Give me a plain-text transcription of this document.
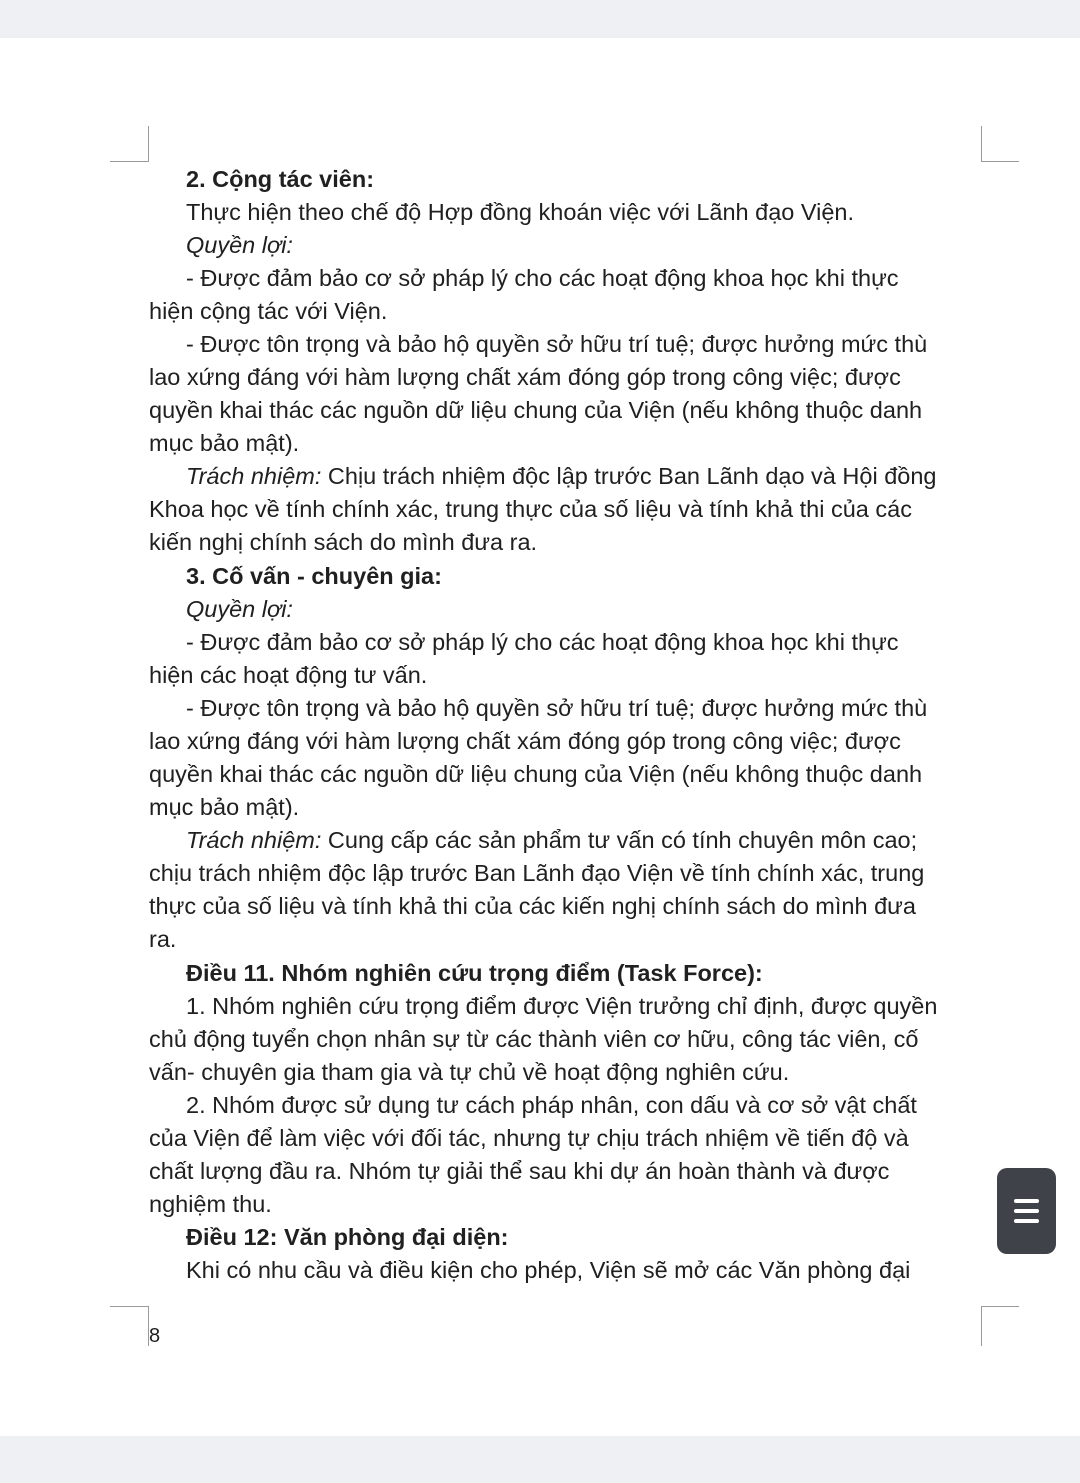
2. Cộng tác viên:
Thực hiện theo chế độ Hợp đồng khoán việc với Lãnh đạo Viện.
Quyền lợi:
- Được đảm bảo cơ sở pháp lý cho các hoạt động khoa học khi thực
hiện cộng tác với Viện.
- Được tôn trọng và bảo hộ quyền sở hữu trí tuệ; được hưởng mức thù
lao xứng đáng với hàm lượng chất xám đóng góp trong công việc; được
quyền khai thác các nguồn dữ liệu chung của Viện (nếu không thuộc danh
mục bảo mật).
Trách nhiệm: Chịu trách nhiệm độc lập trước Ban Lãnh dạo và Hội đồng
Khoa học về tính chính xác, trung thực của số liệu và tính khả thi của các
kiến nghị chính sách do mình đưa ra.
3. Cố vấn - chuyên gia:
Quyền lợi:
- Được đảm bảo cơ sở pháp lý cho các hoạt động khoa học khi thực
hiện các hoạt động tư vấn.
- Được tôn trọng và bảo hộ quyền sở hữu trí tuệ; được hưởng mức thù
lao xứng đáng với hàm lượng chất xám đóng góp trong công việc; được
quyền khai thác các nguồn dữ liệu chung của Viện (nếu không thuộc danh
mục bảo mật).
Trách nhiệm: Cung cấp các sản phẩm tư vấn có tính chuyên môn cao;
chịu trách nhiệm độc lập trước Ban Lãnh đạo Viện về tính chính xác, trung
thực của số liệu và tính khả thi của các kiến nghị chính sách do mình đưa
ra.
Điều 11. Nhóm nghiên cứu trọng điểm (Task Force):
1. Nhóm nghiên cứu trọng điểm được Viện trưởng chỉ định, được quyền
chủ động tuyển chọn nhân sự từ các thành viên cơ hữu, công tác viên, cố
vấn- chuyên gia tham gia và tự chủ về hoạt động nghiên cứu.
2. Nhóm được sử dụng tư cách pháp nhân, con dấu và cơ sở vật chất
của Viện để làm việc với đối tác, nhưng tự chịu trách nhiệm về tiến độ và
chất lượng đầu ra. Nhóm tự giải thể sau khi dự án hoàn thành và được
nghiệm thu.
Điều 12: Văn phòng đại diện:
Khi có nhu cầu và điều kiện cho phép, Viện sẽ mở các Văn phòng đại
8
